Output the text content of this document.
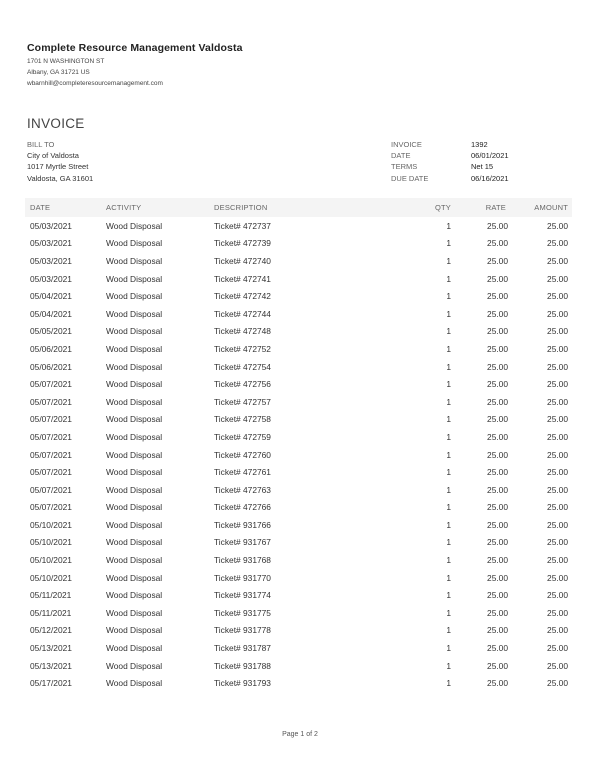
Complete Resource Management Valdosta
1701 N WASHINGTON ST
Albany, GA 31721 US
wbarnhill@completeresourcemanagement.com
INVOICE
BILL TO
City of Valdosta
1017 Myrtle Street
Valdosta, GA 31601
INVOICE	1392
DATE	06/01/2021
TERMS	Net 15
DUE DATE	06/16/2021
DATE	ACTIVITY	DESCRIPTION	QTY	RATE	AMOUNT
05/03/2021	Wood Disposal	Ticket# 472737	1	25.00	25.00
05/03/2021	Wood Disposal	Ticket# 472739	1	25.00	25.00
05/03/2021	Wood Disposal	Ticket# 472740	1	25.00	25.00
05/03/2021	Wood Disposal	Ticket# 472741	1	25.00	25.00
05/04/2021	Wood Disposal	Ticket# 472742	1	25.00	25.00
05/04/2021	Wood Disposal	Ticket# 472744	1	25.00	25.00
05/05/2021	Wood Disposal	Ticket# 472748	1	25.00	25.00
05/06/2021	Wood Disposal	Ticket# 472752	1	25.00	25.00
05/06/2021	Wood Disposal	Ticket# 472754	1	25.00	25.00
05/07/2021	Wood Disposal	Ticket# 472756	1	25.00	25.00
05/07/2021	Wood Disposal	Ticket# 472757	1	25.00	25.00
05/07/2021	Wood Disposal	Ticket# 472758	1	25.00	25.00
05/07/2021	Wood Disposal	Ticket# 472759	1	25.00	25.00
05/07/2021	Wood Disposal	Ticket# 472760	1	25.00	25.00
05/07/2021	Wood Disposal	Ticket# 472761	1	25.00	25.00
05/07/2021	Wood Disposal	Ticket# 472763	1	25.00	25.00
05/07/2021	Wood Disposal	Ticket# 472766	1	25.00	25.00
05/10/2021	Wood Disposal	Ticket# 931766	1	25.00	25.00
05/10/2021	Wood Disposal	Ticket# 931767	1	25.00	25.00
05/10/2021	Wood Disposal	Ticket# 931768	1	25.00	25.00
05/10/2021	Wood Disposal	Ticket# 931770	1	25.00	25.00
05/11/2021	Wood Disposal	Ticket# 931774	1	25.00	25.00
05/11/2021	Wood Disposal	Ticket# 931775	1	25.00	25.00
05/12/2021	Wood Disposal	Ticket# 931778	1	25.00	25.00
05/13/2021	Wood Disposal	Ticket# 931787	1	25.00	25.00
05/13/2021	Wood Disposal	Ticket# 931788	1	25.00	25.00
05/17/2021	Wood Disposal	Ticket# 931793	1	25.00	25.00
Page 1 of 2
